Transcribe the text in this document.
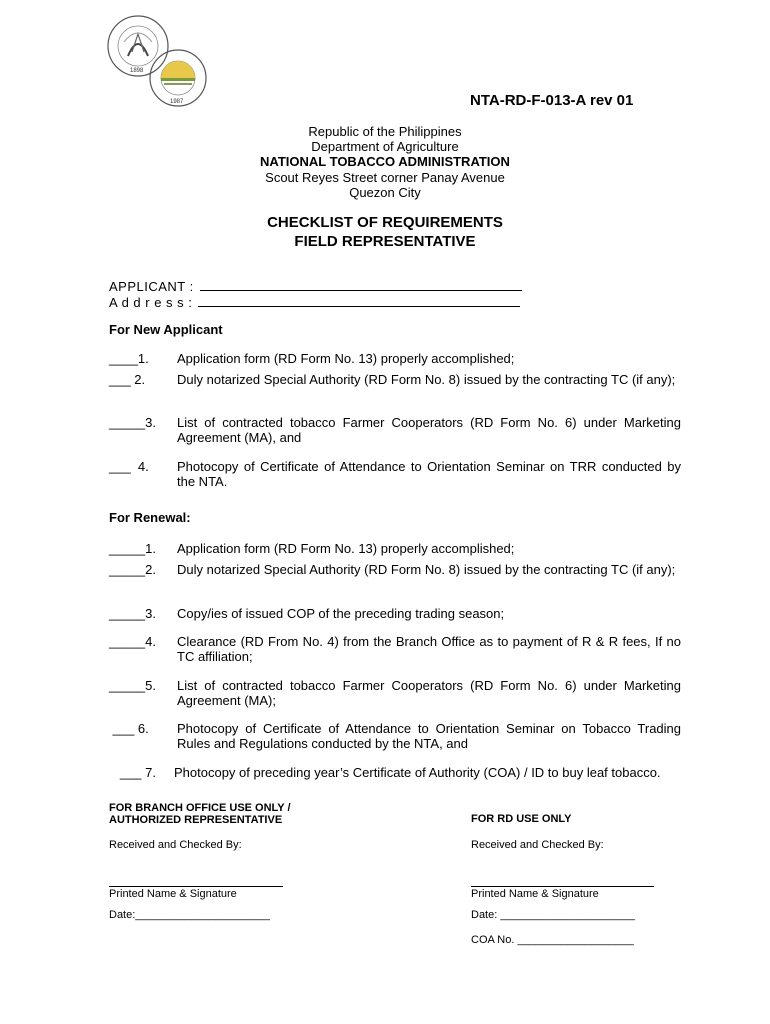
1898
1987	NTA-RD-F-013-A rev 01
Republic of the Philippines
Department of Agriculture
NATIONAL TOBACCO ADMINISTRATION
Scout Reyes Street corner Panay Avenue
Quezon City
CHECKLIST OF REQUIREMENTS
FIELD REPRESENTATIVE
APPLICANT :
A d d r e s s :
For New Applicant
____1. Application form (RD Form No. 13) properly accomplished;
___ 2. Duly notarized Special Authority (RD Form No. 8) issued by the contracting TC (if any);
_____3. List of contracted tobacco Farmer Cooperators (RD Form No. 6) under Marketing Agreement (MA), and
___  4. Photocopy of Certificate of Attendance to Orientation Seminar on TRR conducted by the NTA.
For Renewal:
_____1. Application form (RD Form No. 13) properly accomplished;
_____2. Duly notarized Special Authority (RD Form No. 8) issued by the contracting TC (if any);
_____3. Copy/ies of issued COP of the preceding trading season;
_____4. Clearance (RD From No. 4) from the Branch Office as to payment of R & R fees, If no TC affiliation;
_____5. List of contracted tobacco Farmer Cooperators (RD Form No. 6) under Marketing Agreement (MA);
___ 6. Photocopy of Certificate of Attendance to Orientation Seminar on Tobacco Trading Rules and Regulations conducted by the NTA, and
___ 7. Photocopy of preceding year’s Certificate of Authority (COA) / ID to buy leaf tobacco.
FOR BRANCH OFFICE USE ONLY /
AUTHORIZED REPRESENTATIVE	FOR RD USE ONLY
Received and Checked By:	Received and Checked By:
Printed Name & Signature	Printed Name & Signature
Date:______________________	Date: ______________________
COA No. ___________________
